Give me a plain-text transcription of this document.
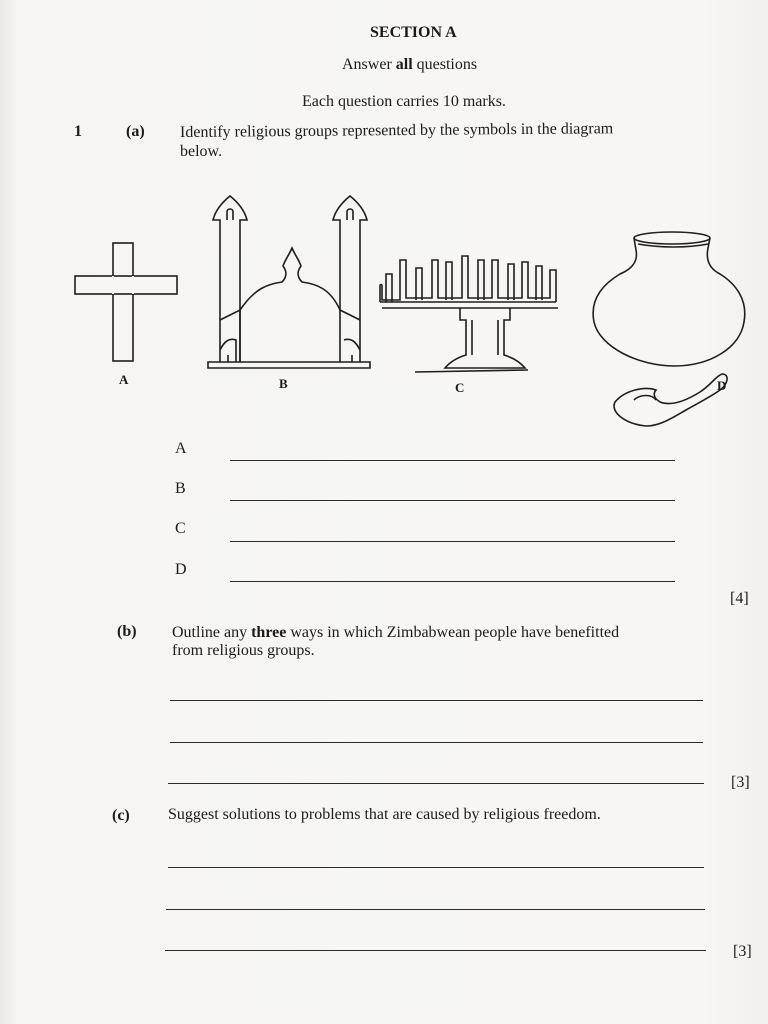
SECTION A
Answer all questions
Each question carries 10 marks.
1	(a) Identify religious groups represented by the symbols in the diagram
below.
A	B	C	D
A
B
C
D
[4]
(b) Outline any three ways in which Zimbabwean people have benefitted
from religious groups.
[3]
(c) Suggest solutions to problems that are caused by religious freedom.
[3]
